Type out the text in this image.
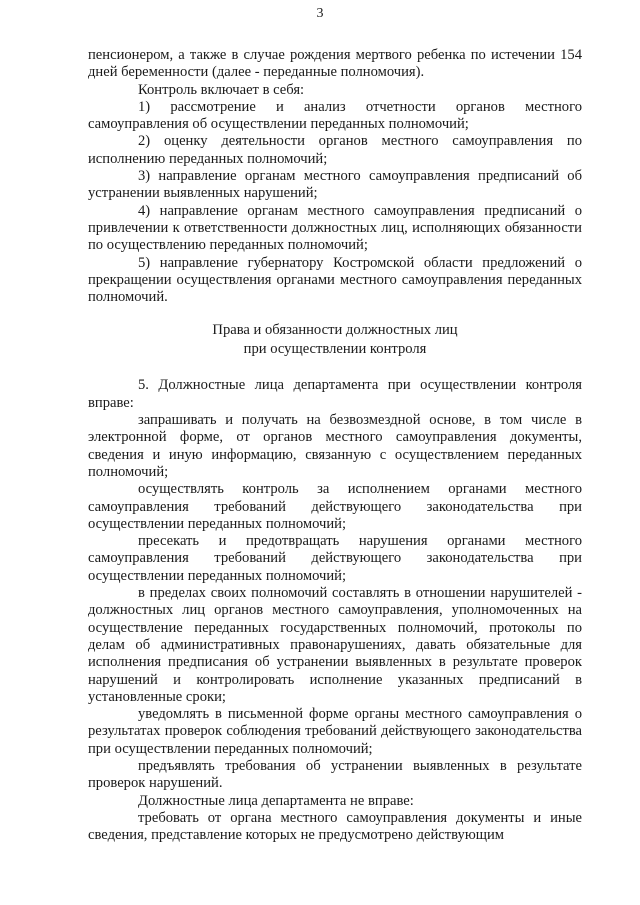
3

пенсионером, а также в случае рождения мертвого ребенка по истечении 154 дней беременности (далее - переданные полномочия).

Контроль включает в себя:

1) рассмотрение и анализ отчетности органов местного самоуправления об осуществлении переданных полномочий;

2) оценку деятельности органов местного самоуправления по исполнению переданных полномочий;

3) направление органам местного самоуправления предписаний об устранении выявленных нарушений;

4) направление органам местного самоуправления предписаний о привлечении к ответственности должностных лиц, исполняющих обязанности по осуществлению переданных полномочий;

5) направление губернатору Костромской области предложений о прекращении осуществления органами местного самоуправления переданных полномочий.

Права и обязанности должностных лиц
при осуществлении контроля

5. Должностные лица департамента при осуществлении контроля вправе:

запрашивать и получать на безвозмездной основе, в том числе в электронной форме, от органов местного самоуправления документы, сведения и иную информацию, связанную с осуществлением переданных полномочий;

осуществлять контроль за исполнением органами местного самоуправления требований действующего законодательства при осуществлении переданных полномочий;

пресекать и предотвращать нарушения органами местного самоуправления требований действующего законодательства при осуществлении переданных полномочий;

в пределах своих полномочий составлять в отношении нарушителей - должностных лиц органов местного самоуправления, уполномоченных на осуществление переданных государственных полномочий, протоколы по делам об административных правонарушениях, давать обязательные для исполнения предписания об устранении выявленных в результате проверок нарушений и контролировать исполнение указанных предписаний в установленные сроки;

уведомлять в письменной форме органы местного самоуправления о результатах проверок соблюдения требований действующего законодательства при осуществлении переданных полномочий;

предъявлять требования об устранении выявленных в результате проверок нарушений.

Должностные лица департамента не вправе:

требовать от органа местного самоуправления документы и иные сведения, представление которых не предусмотрено действующим
